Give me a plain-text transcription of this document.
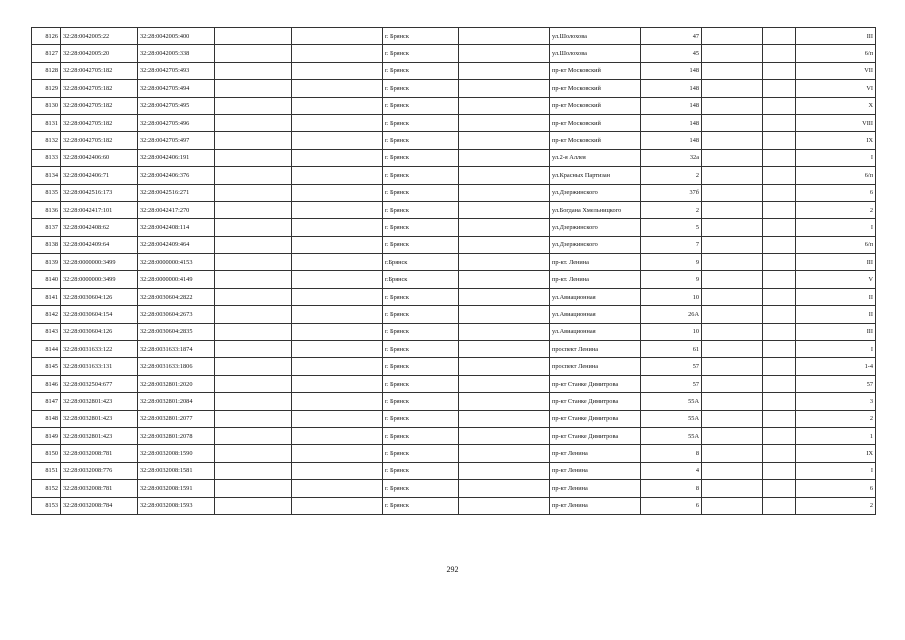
8126	32:28:0042005:22	32:28:0042005:400			г. Брянск		ул.Шолохова	47			III
8127	32:28:0042005:20	32:28:0042005:338			г. Брянск		ул.Шолохова	45			6/п
8128	32:28:0042705:182	32:28:0042705:493			г. Брянск		пр-кт Московский	148			VII
8129	32:28:0042705:182	32:28:0042705:494			г. Брянск		пр-кт Московский	148			VI
8130	32:28:0042705:182	32:28:0042705:495			г. Брянск		пр-кт Московский	148			X
8131	32:28:0042705:182	32:28:0042705:496			г. Брянск		пр-кт Московский	148			VIII
8132	32:28:0042705:182	32:28:0042705:497			г. Брянск		пр-кт Московский	148			IX
8133	32:28:0042406:60	32:28:0042406:191			г. Брянск		ул.2-я Аллея	32а			I
8134	32:28:0042406:71	32:28:0042406:376			г. Брянск		ул.Красных Партизан	2			6/п
8135	32:28:0042516:173	32:28:0042516:271			г. Брянск		ул.Дзержинского	37б			6
8136	32:28:0042417:101	32:28:0042417:270			г. Брянск		ул.Богдана Хмельницкого	2			2
8137	32:28:0042408:62	32:28:0042408:114			г. Брянск		ул.Дзержинского	5			I
8138	32:28:0042409:64	32:28:0042409:464			г. Брянск		ул.Дзержинского	7			6/п
8139	32:28:0000000:3499	32:28:0000000:4153			г.Брянск		пр-кт. Ленина	9			III
8140	32:28:0000000:3499	32:28:0000000:4149			г.Брянск		пр-кт. Ленина	9			V
8141	32:28:0030604:126	32:28:0030604:2822			г. Брянск		ул.Авиационная	10			II
8142	32:28:0030604:154	32:28:0030604:2673			г. Брянск		ул.Авиационная	26А			II
8143	32:28:0030604:126	32:28:0030604:2835			г. Брянск		ул.Авиационная	10			III
8144	32:28:0031633:122	32:28:0031633:1874			г. Брянск		проспект Ленина	61			I
8145	32:28:0031633:131	32:28:0031633:1806			г. Брянск		проспект Ленина	57			1-4
8146	32:28:0032504:677	32:28:0032801:2020			г. Брянск		пр-кт Станке Димитрова	57			57
8147	32:28:0032801:423	32:28:0032801:2084			г. Брянск		пр-кт Станке Димитрова	55А			3
8148	32:28:0032801:423	32:28:0032801:2077			г. Брянск		пр-кт Станке Димитрова	55А			2
8149	32:28:0032801:423	32:28:0032801:2078			г. Брянск		пр-кт Станке Димитрова	55А			1
8150	32:28:0032008:781	32:28:0032008:1590			г. Брянск		пр-кт Ленина	8			IX
8151	32:28:0032008:776	32:28:0032008:1581			г. Брянск		пр-кт Ленина	4			I
8152	32:28:0032008:781	32:28:0032008:1591			г. Брянск		пр-кт Ленина	8			6
8153	32:28:0032008:784	32:28:0032008:1593			г. Брянск		пр-кт Ленина	6			2
292
